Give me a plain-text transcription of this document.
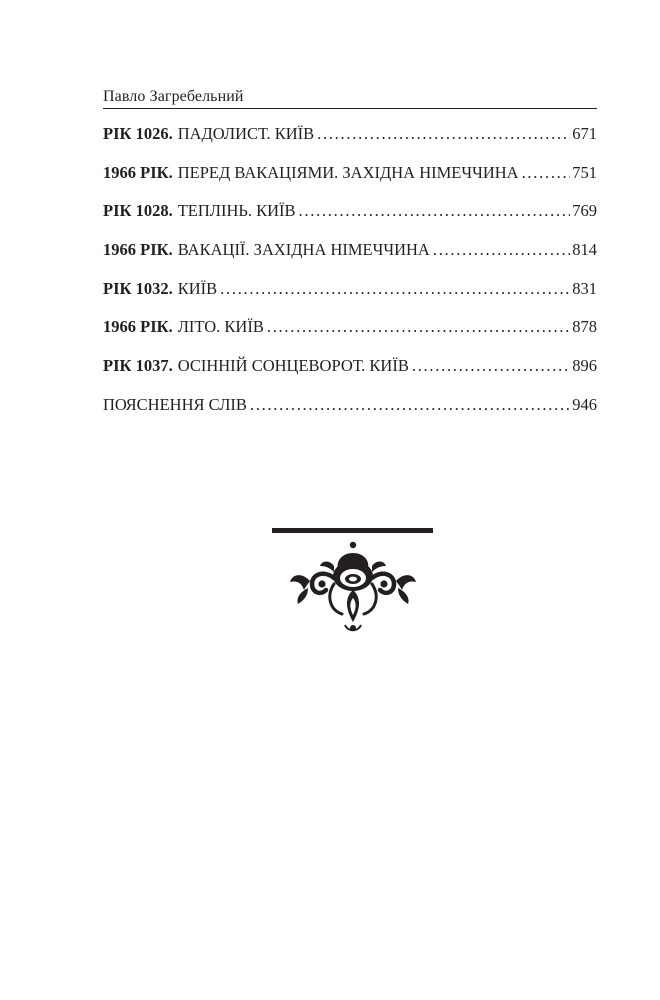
Павло Загребельний
РІК 1026. ПАДОЛИСТ. КИЇВ . . .	671
1966 РІК. ПЕРЕД ВАКАЦІЯМИ. ЗАХІДНА НІМЕЧЧИНА . . .	751
РІК 1028. ТЕПЛІНЬ. КИЇВ . . .	769
1966 РІК. ВАКАЦІЇ. ЗАХІДНА НІМЕЧЧИНА . . .	814
РІК 1032. КИЇВ . . .	831
1966 РІК. ЛІТО. КИЇВ . . .	878
РІК 1037. ОСІННІЙ СОНЦЕВОРОТ. КИЇВ . . .	896
ПОЯСНЕННЯ СЛІВ . . .	946
